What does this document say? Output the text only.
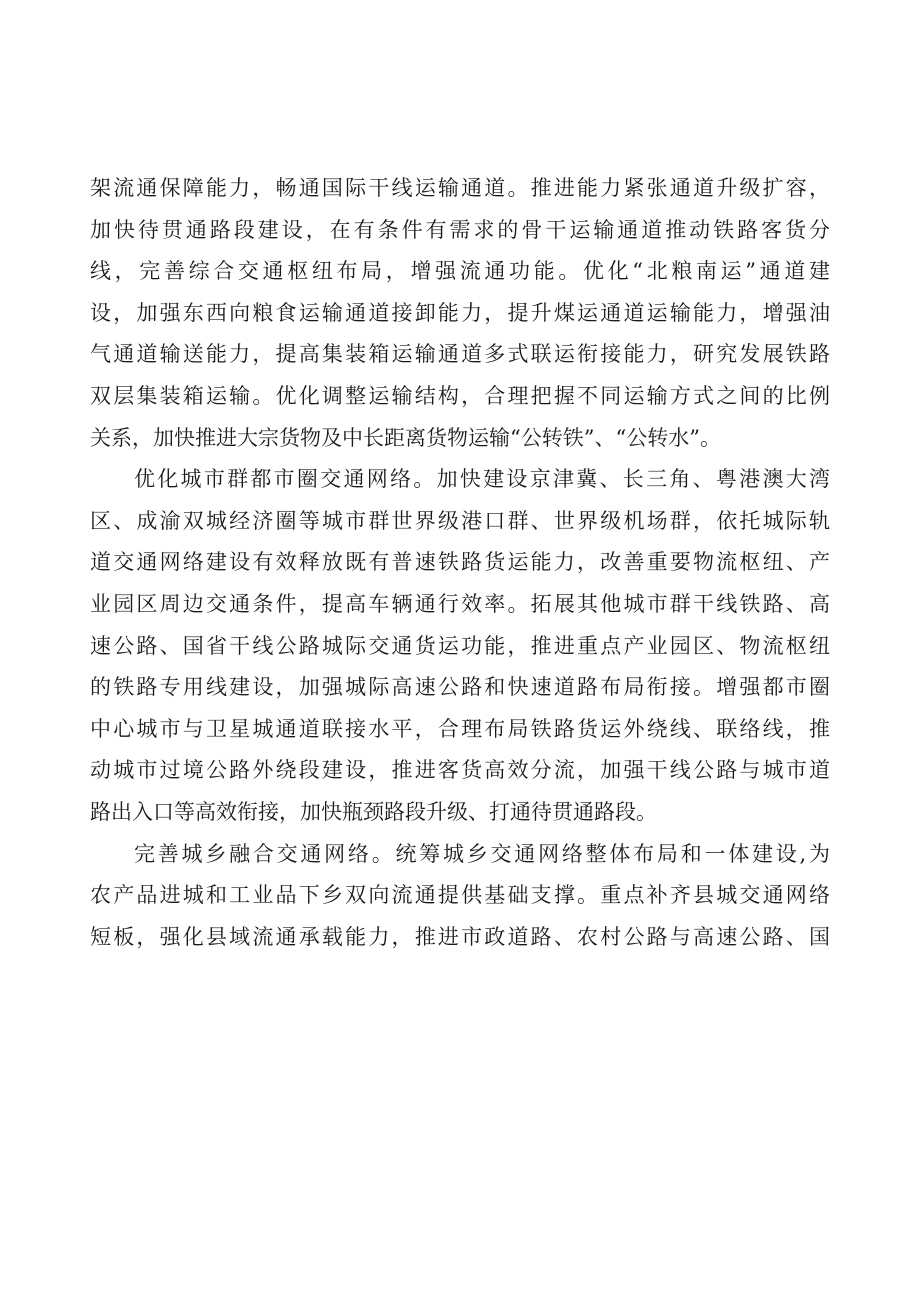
架流通保障能力，畅通国际干线运输通道。推进能力紧张通道升级扩容，
加快待贯通路段建设，在有条件有需求的骨干运输通道推动铁路客货分
线，完善综合交通枢纽布局，增强流通功能。优化“北粮南运”通道建
设，加强东西向粮食运输通道接卸能力，提升煤运通道运输能力，增强油
气通道输送能力，提高集装箱运输通道多式联运衔接能力，研究发展铁路
双层集装箱运输。优化调整运输结构，合理把握不同运输方式之间的比例
关系，加快推进大宗货物及中长距离货物运输“公转铁”、“公转水”。
优化城市群都市圈交通网络。加快建设京津冀、长三角、粤港澳大湾
区、成渝双城经济圈等城市群世界级港口群、世界级机场群，依托城际轨
道交通网络建设有效释放既有普速铁路货运能力，改善重要物流枢纽、产
业园区周边交通条件，提高车辆通行效率。拓展其他城市群干线铁路、高
速公路、国省干线公路城际交通货运功能，推进重点产业园区、物流枢纽
的铁路专用线建设，加强城际高速公路和快速道路布局衔接。增强都市圈
中心城市与卫星城通道联接水平，合理布局铁路货运外绕线、联络线，推
动城市过境公路外绕段建设，推进客货高效分流，加强干线公路与城市道
路出入口等高效衔接，加快瓶颈路段升级、打通待贯通路段。
完善城乡融合交通网络。统筹城乡交通网络整体布局和一体建设,为
农产品进城和工业品下乡双向流通提供基础支撑。重点补齐县城交通网络
短板，强化县域流通承载能力，推进市政道路、农村公路与高速公路、国
